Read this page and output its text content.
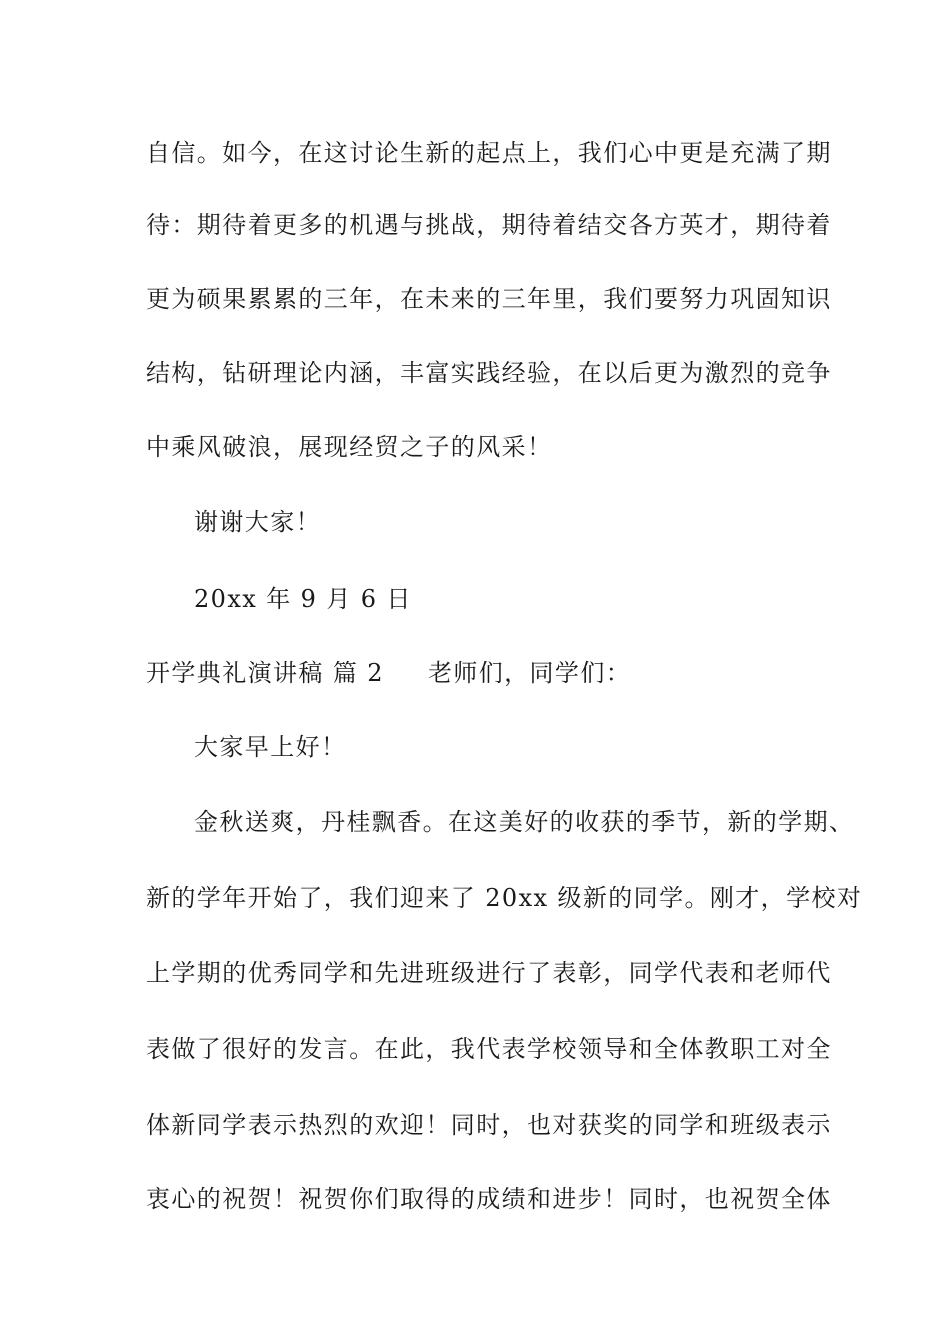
自信。如今，在这讨论生新的起点上，我们心中更是充满了期
待：期待着更多的机遇与挑战，期待着结交各方英才，期待着
更为硕果累累的三年，在未来的三年里，我们要努力巩固知识
结构，钻研理论内涵，丰富实践经验，在以后更为激烈的竞争
中乘风破浪，展现经贸之子的风采！
谢谢大家！
20xx 年 9 月 6 日
开学典礼演讲稿 篇 2 老师们，同学们：
大家早上好！
金秋送爽，丹桂飘香。在这美好的收获的季节，新的学期、
新的学年开始了，我们迎来了 20xx 级新的同学。刚才，学校对
上学期的优秀同学和先进班级进行了表彰，同学代表和老师代
表做了很好的发言。在此，我代表学校领导和全体教职工对全
体新同学表示热烈的欢迎！同时，也对获奖的同学和班级表示
衷心的祝贺！祝贺你们取得的成绩和进步！同时，也祝贺全体
